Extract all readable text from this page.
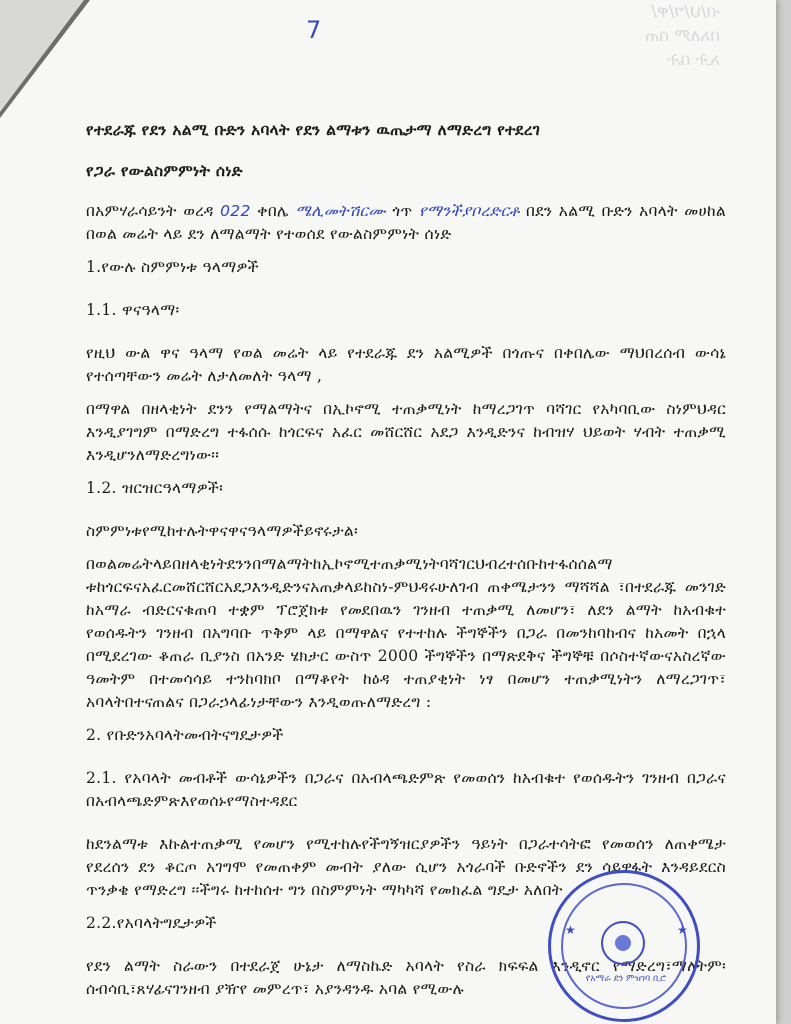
ብ/ህ/ግ/ዋ/
በአለም ሰጠ
ኢት ቤት
7

የተደራጁ የደን አልሚ ቡድን አባላት የደን ልማቱን ዉጤታማ ለማድረግ የተደረገ

የጋራ የውልስምምነት ሰነድ

በአምሃራሳይንት ወረዳ 022 ቀበሌ ሜሊመትሽርሙ ጎጥ የማንችያቦረድርቶ በደን አልሚ ቡድን አባላት መሀከል በወል መሬት ላይ ደን ለማልማት የተወሰደ የውልስምምነት ሰነድ

1.የውሉ ስምምነቱ ዓላማዎች

1.1. ዋናዓላማ፡

የዚህ ውል ዋና ዓላማ የወል መሬት ላይ የተደራጁ ደን አልሚዎች በጎጡና በቀበሌው ማህበረሰብ ውሳኔ የተሰጣቸውን መሬት ለታለመለት ዓላማ ,

በማዋል በዘላቂነት ደንን የማልማትና በኢኮኖሚ ተጠቃሚነት ከማረጋገጥ ባሻገር የአካባቢው ስነምህዳር እንዲያገግም በማድረግ ተፋሰሱ ከጎርፍና አፈር መሸርሸር አደጋ እንዲድንና ከብዝሃ ህይወት ሃብት ተጠቃሚ እንዲሆንለማድረግነው፡፡

1.2. ዝርዝርዓላማዎች፡

ስምምነቱየሚከተሉትዋናዋናዓላማዎችይኖሩታል፡

በወልመሬትላይበዘላቂነትደንንበማልማትከኢኮኖሚተጠቃሚነትባሻገርህብረተሰቡከተፋሰሰልማ ቱከጎርፍናአፈርመሸርሸርአደጋእንዲድንናአጠቃላይከስነ-ምህዳሩሁለገብ ጠቀሜታንን ማሻሻል ፣በተደራጁ መንገድ ከአማራ ብድርናቁጠባ ተቋም ፕሮጀክቱ የመደበዉን ገንዘብ ተጠቃሚ ለመሆን፣ ለደን ልማት ከአብቁተ የወሰዱትን ገንዘብ በአግባቡ ጥቅም ላይ በማዋልና የተተከሉ ችግኞችን በጋራ በመንከባከብና ከአመት በኋላ በሚደረገው ቆጠራ ቢያንስ በአንድ ሄክታር ውስጥ 2000 ችግኞችን በማጽደቅና ችግኞቹ በሶስተኛውናአስረኛው ዓመትም በተመሳሳይ ተንከባክቦ በማቆየት ከዕዳ ተጠያቂነት ነፃ በመሆን ተጠቃሚነትን ለማረጋገጥ፣ አባላትበተናጠልና በጋራኃላፊነታቸውን እንዲወጡለማድረግ :

2. የቡድንአባላትመብትናግዴታዎች

2.1. የአባላት መብቶች ውሳኔዎችን በጋራና በአብላጫድምጽ የመወሰን ከአብቁተ የወሰዱትን ገንዘብ በጋራና በአብላጫድምጽእየወሰኑየማስተዳደር

ከደንልማቱ እኩልተጠቃሚ የመሆን የሚተከሉየችግኝዝርያዎችን ዓይነት በጋራተሳትፎ የመወሰን ለጠቀሜታ የደረሰን ደን ቆርጦ አገግሞ የመጠቀም መብት ያለው ሲሆን አጎራባች ቡድኖችን ደን ሳይዋፋት እንዳይደርስ ጥንቃቄ የማድረግ ፡፡ችግሩ ከተከሰተ ግን በስምምነት ማካካሻ የመክፈል ግዴታ አለበት

2.2.የአባላትግዴታዎች

የደን ልማት ስራውን በተደራጀ ሁኔታ ለማስኬድ አባላት የስራ ክፍፍል እንዲኖር የማድረግ፣ማለትም፡ሰብሳቢ፣ጸሃፊናገንዘብ ያዥየ መምረጥ፣ አያንዳንዱ አባል የሚውሉ

★	★
የአማራ ደን ምዝገባ ቢሮ
